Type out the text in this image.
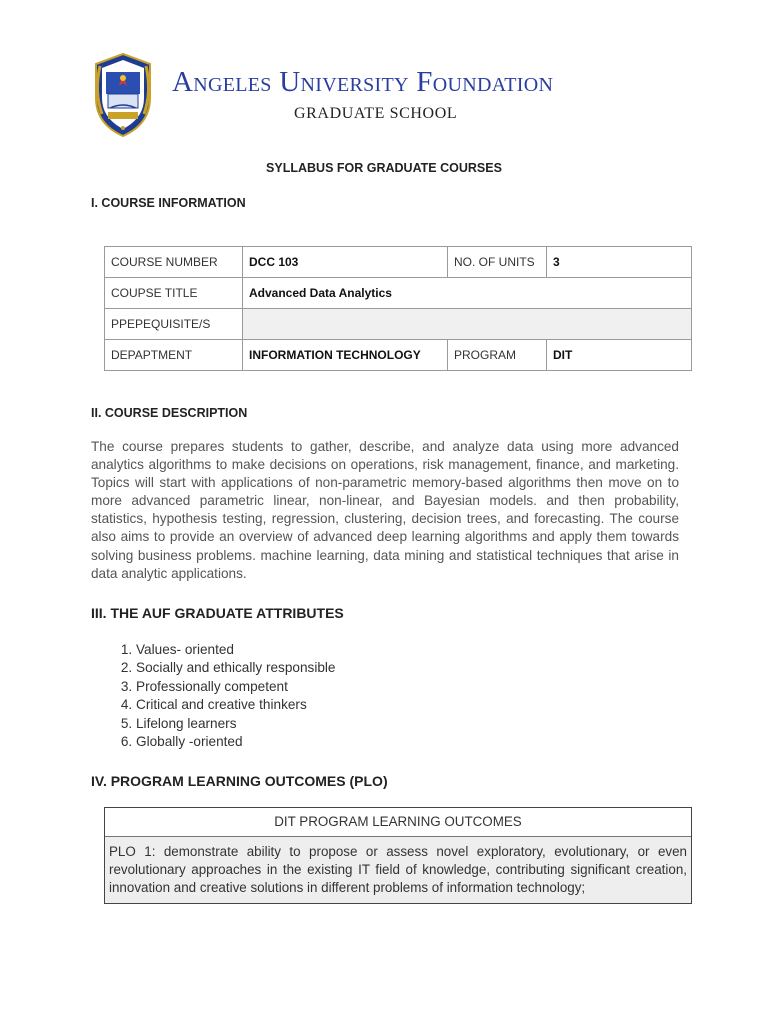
Angeles University Foundation
GRADUATE SCHOOL
SYLLABUS FOR GRADUATE COURSES
I. COURSE INFORMATION
COURSE NUMBER	DCC 103	NO. OF UNITS	3
COUPSE TITLE	Advanced Data Analytics		
PPEPEQUISITE/S			
DEPAPTMENT	INFORMATION TECHNOLOGY	PROGRAM	DIT
II. COURSE DESCRIPTION

The course prepares students to gather, describe, and analyze data using more advanced analytics algorithms to make decisions on operations, risk management, finance, and marketing. Topics will start with applications of non-parametric memory-based algorithms then move on to more advanced parametric linear, non-linear, and Bayesian models. and then probability, statistics, hypothesis testing, regression, clustering, decision trees, and forecasting. The course also aims to provide an overview of advanced deep learning algorithms and apply them towards solving business problems. machine learning, data mining and statistical techniques that arise in data analytic applications.

III. THE AUF GRADUATE ATTRIBUTES
1. Values- oriented
2. Socially and ethically responsible
3. Professionally competent
4. Critical and creative thinkers
5. Lifelong learners
6. Globally -oriented
IV. PROGRAM LEARNING OUTCOMES (PLO)
DIT PROGRAM LEARNING OUTCOMES
PLO 1: demonstrate ability to propose or assess novel exploratory, evolutionary, or even revolutionary approaches in the existing IT field of knowledge, contributing significant creation, innovation and creative solutions in different problems of information technology;
